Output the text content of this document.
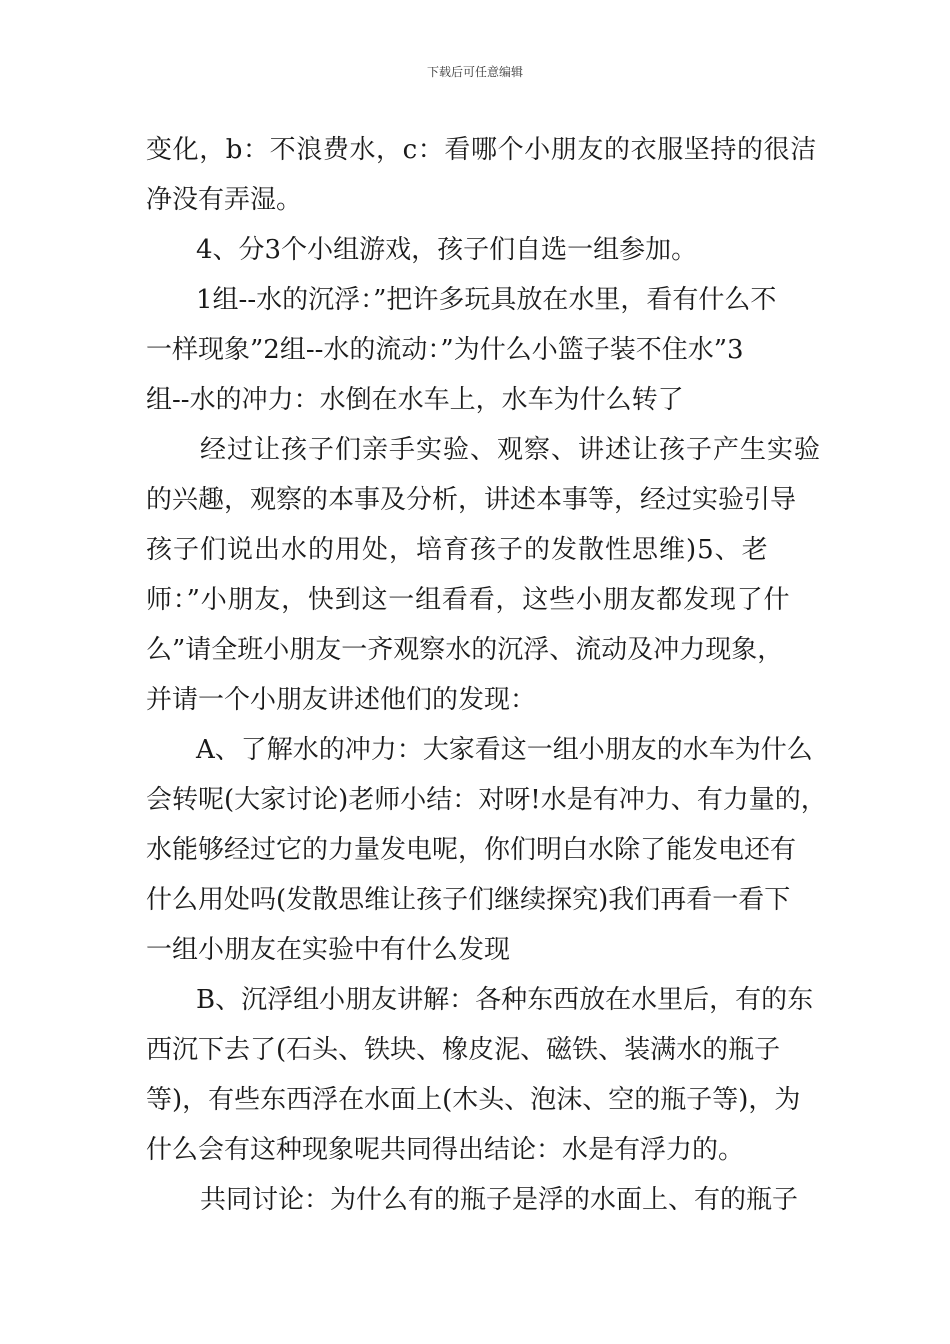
下载后可任意编辑
变化，b：不浪费水，c：看哪个小朋友的衣服坚持的很洁
净没有弄湿。
4、分3个小组游戏，孩子们自选一组参加。
1组--水的沉浮：”把许多玩具放在水里，看有什么不
一样现象”2组--水的流动：”为什么小篮子装不住水”3
组--水的冲力：水倒在水车上，水车为什么转了
经过让孩子们亲手实验、观察、讲述让孩子产生实验
的兴趣，观察的本事及分析，讲述本事等，经过实验引导
孩子们说出水的用处，培育孩子的发散性思维)5、老
师：”小朋友，快到这一组看看，这些小朋友都发现了什
么”请全班小朋友一齐观察水的沉浮、流动及冲力现象，
并请一个小朋友讲述他们的发现：
A、了解水的冲力：大家看这一组小朋友的水车为什么
会转呢(大家讨论)老师小结：对呀!水是有冲力、有力量的，
水能够经过它的力量发电呢，你们明白水除了能发电还有
什么用处吗(发散思维让孩子们继续探究)我们再看一看下
一组小朋友在实验中有什么发现
B、沉浮组小朋友讲解：各种东西放在水里后，有的东
西沉下去了(石头、铁块、橡皮泥、磁铁、装满水的瓶子
等)，有些东西浮在水面上(木头、泡沫、空的瓶子等)，为
什么会有这种现象呢共同得出结论：水是有浮力的。
共同讨论：为什么有的瓶子是浮的水面上、有的瓶子
